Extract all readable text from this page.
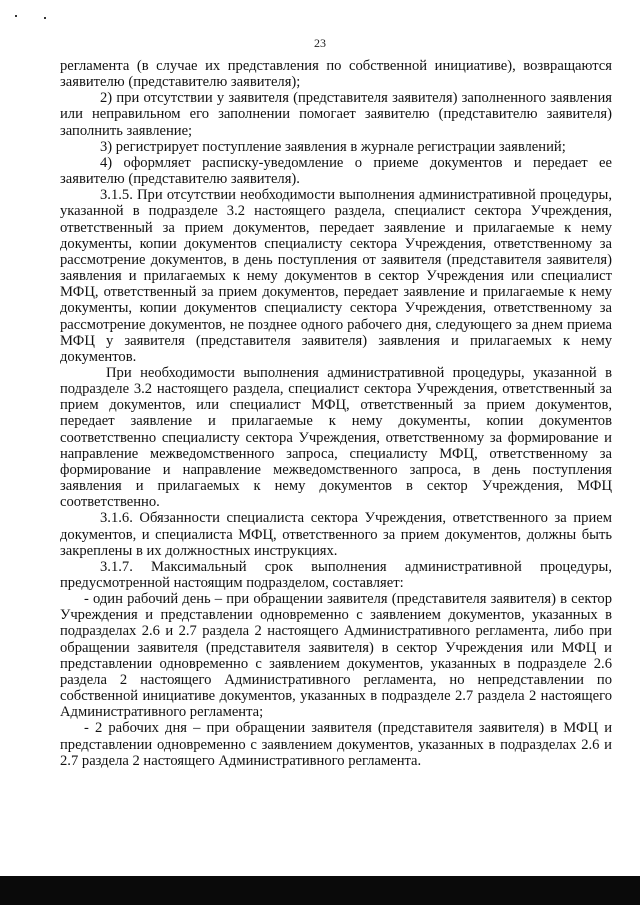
23

регламента (в случае их представления по собственной инициативе), возвращаются заявителю (представителю заявителя);

2) при отсутствии у заявителя (представителя заявителя) заполненного заявления или неправильном его заполнении помогает заявителю (представителю заявителя) заполнить заявление;

3) регистрирует поступление заявления в журнале регистрации заявлений;

4) оформляет расписку-уведомление о приеме документов и передает ее заявителю (представителю заявителя).

3.1.5. При отсутствии необходимости выполнения административной процедуры, указанной в подразделе 3.2 настоящего раздела, специалист сектора Учреждения, ответственный за прием документов, передает заявление и прилагаемые к нему документы, копии документов специалисту сектора Учреждения, ответственному за рассмотрение документов, в день поступления от заявителя (представителя заявителя) заявления и прилагаемых к нему документов в сектор Учреждения или специалист МФЦ, ответственный за прием документов, передает заявление и прилагаемые к нему документы, копии документов специалисту сектора Учреждения, ответственному за рассмотрение документов, не позднее одного рабочего дня, следующего за днем приема МФЦ у заявителя (представителя заявителя) заявления и прилагаемых к нему документов.

При необходимости выполнения административной процедуры, указанной в подразделе 3.2 настоящего раздела, специалист сектора Учреждения, ответственный за прием документов, или специалист МФЦ, ответственный за прием документов, передает заявление и прилагаемые к нему документы, копии документов соответственно специалисту сектора Учреждения, ответственному за формирование и направление межведомственного запроса, специалисту МФЦ, ответственному за формирование и направление межведомственного запроса, в день поступления заявления и прилагаемых к нему документов в сектор Учреждения, МФЦ соответственно.

3.1.6. Обязанности специалиста сектора Учреждения, ответственного за прием документов, и специалиста МФЦ, ответственного за прием документов, должны быть закреплены в их должностных инструкциях.

3.1.7. Максимальный срок выполнения административной процедуры, предусмотренной настоящим подразделом, составляет:

- один рабочий день – при обращении заявителя (представителя заявителя) в сектор Учреждения и представлении одновременно с заявлением документов, указанных в подразделах 2.6 и 2.7 раздела 2 настоящего Административного регламента, либо при обращении заявителя (представителя заявителя) в сектор Учреждения или МФЦ и представлении одновременно с заявлением документов, указанных в подразделе 2.6 раздела 2 настоящего Административного регламента, но непредставлении по собственной инициативе документов, указанных в подразделе 2.7 раздела 2 настоящего Административного регламента;

- 2 рабочих дня – при обращении заявителя (представителя заявителя) в МФЦ и представлении одновременно с заявлением документов, указанных в подразделах 2.6 и 2.7 раздела 2 настоящего Административного регламента.
